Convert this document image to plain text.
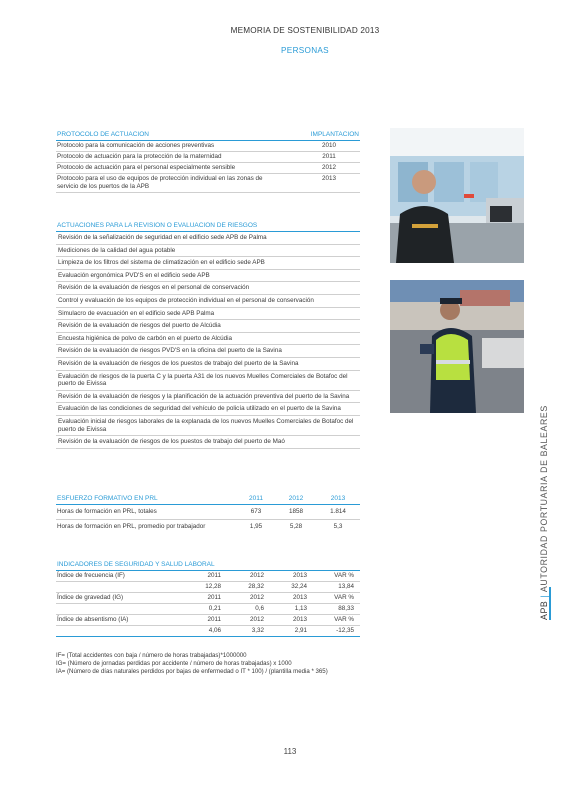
MEMORIA DE SOSTENIBILIDAD 2013
PERSONAS
PROTOCOLO DE ACTUACION	IMPLANTACION
Protocolo para la comunicación de acciones preventivas	2010
Protocolo de actuación para la protección de la maternidad	2011
Protocolo de actuación para el personal especialmente sensible	2012
Protocolo para el uso de equipos de protección individual en las zonas de servicio de los puertos de la APB	2013
ACTUACIONES PARA LA REVISION O EVALUACION DE RIESGOS
Revisión de la señalización de seguridad en el edificio sede APB de Palma
Mediciones de la calidad del agua potable
Limpieza de los filtros del sistema de climatización en el edificio sede APB
Evaluación ergonómica PVD'S en el edificio sede APB
Revisión de la evaluación de riesgos en el personal de conservación
Control y evaluación de los equipos de protección individual en el personal de conservación
Simulacro de evacuación en el edificio sede APB Palma
Revisión de la evaluación de riesgos del puerto de Alcúdia
Encuesta higiénica de polvo de carbón en el puerto de Alcúdia
Revisión de la evaluación de riesgos PVD'S en la oficina del puerto de la Savina
Revisión de la evaluación de riesgos de los puestos de trabajo del puerto de la Savina
Evaluación de riesgos de la puerta C y la puerta A31 de los nuevos Muelles Comerciales de Botafoc del puerto de Eivissa
Revisión de la evaluación de riesgos y la planificación de la actuación preventiva del puerto de la Savina
Evaluación de las condiciones de seguridad del vehículo de policía utilizado en el puerto de la Savina
Evaluación inicial de riesgos laborales de la explanada de los nuevos Muelles Comerciales de Botafoc del puerto de Eivissa
Revisión de la evaluación de riesgos de los puestos de trabajo del puerto de Maó
ESFUERZO FORMATIVO EN PRL	2011	2012	2013
Horas de formación en PRL, totales	673	1858	1.814
Horas de formación en PRL, promedio por trabajador	1,95	5,28	5,3
INDICADORES DE SEGURIDAD Y SALUD LABORAL				
Índice de frecuencia (IF)	2011	2012	2013	VAR %
	12,28	28,32	32,24	13,84
Índice de gravedad (IG)	2011	2012	2013	VAR %
	0,21	0,6	1,13	88,33
Índice de absentismo (IA)	2011	2012	2013	VAR %
	4,06	3,32	2,91	-12,35
IF= (Total accidentes con baja / número de horas trabajadas)*1000000
IG= (Número de jornadas perdidas por accidente / número de horas trabajadas) x 1000
IA= (Número de días naturales perdidos por bajas de enfermedad o IT * 100) / (plantilla media * 365)
APB | AUTORIDAD PORTUARIA DE BALEARES
113
